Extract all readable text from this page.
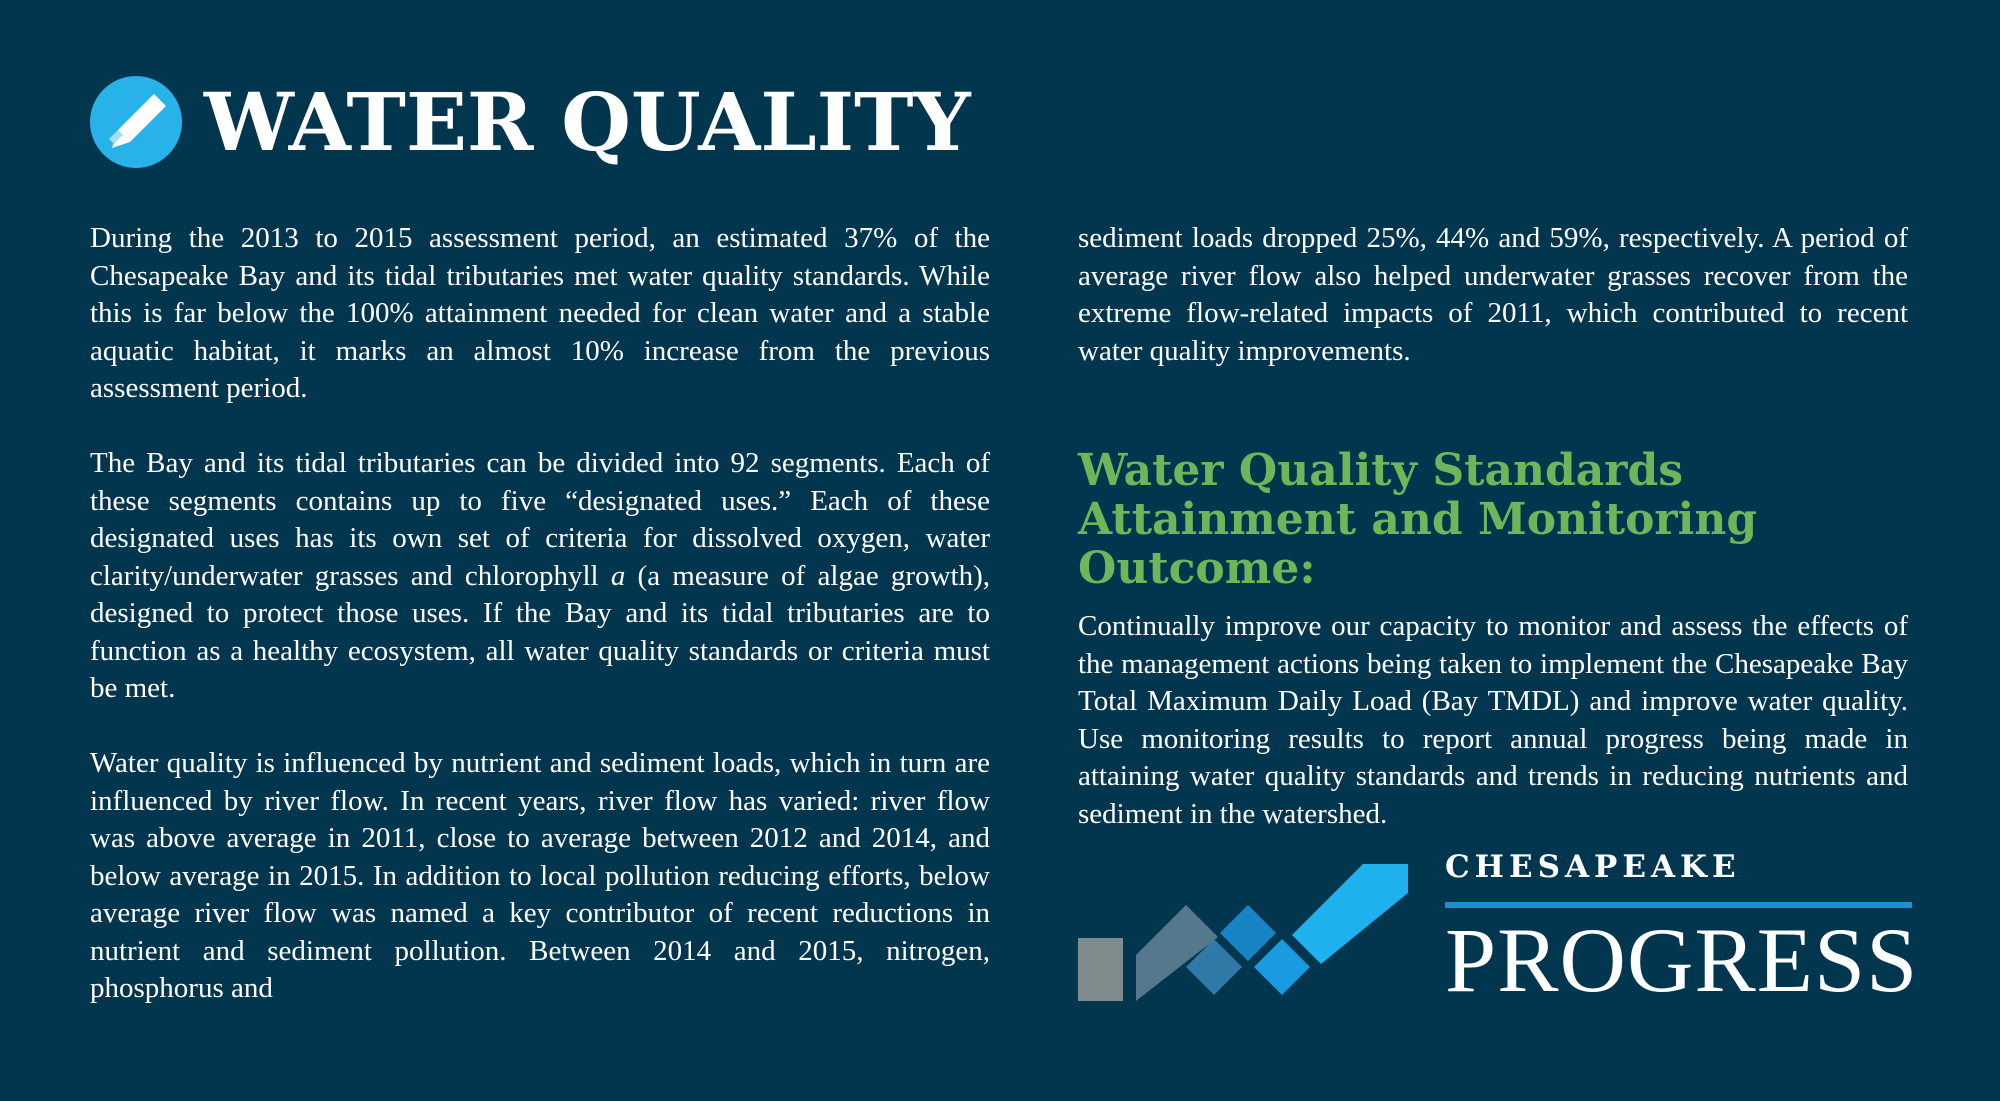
WATER QUALITY

During the 2013 to 2015 assessment period, an estimated 37% of the Chesapeake Bay and its tidal tributaries met water quality standards. While this is far below the 100% attainment needed for clean water and a stable aquatic habitat, it marks an almost 10% increase from the previous assessment period.

The Bay and its tidal tributaries can be divided into 92 segments. Each of these segments contains up to five “designated uses.” Each of these designated uses has its own set of criteria for dissolved oxygen, water clarity/underwater grasses and chlorophyll a (a measure of algae growth), designed to protect those uses. If the Bay and its tidal tributaries are to function as a healthy ecosystem, all water quality standards or criteria must be met.

Water quality is influenced by nutrient and sediment loads, which in turn are influenced by river flow. In recent years, river flow has varied: river flow was above average in 2011, close to average between 2012 and 2014, and below average in 2015. In addition to local pollution reducing efforts, below average river flow was named a key contributor of recent reductions in nutrient and sediment pollution. Between 2014 and 2015, nitrogen, phosphorus and

sediment loads dropped 25%, 44% and 59%, respectively. A period of average river flow also helped underwater grasses recover from the extreme flow-related impacts of 2011, which contributed to recent water quality improvements.

Water Quality Standards Attainment and Monitoring Outcome:
Continually improve our capacity to monitor and assess the effects of the management actions being taken to implement the Chesapeake Bay Total Maximum Daily Load (Bay TMDL) and improve water quality. Use monitoring results to report annual progress being made in attaining water quality standards and trends in reducing nutrients and sediment in the watershed.
CHESAPEAKE
PROGRESS
